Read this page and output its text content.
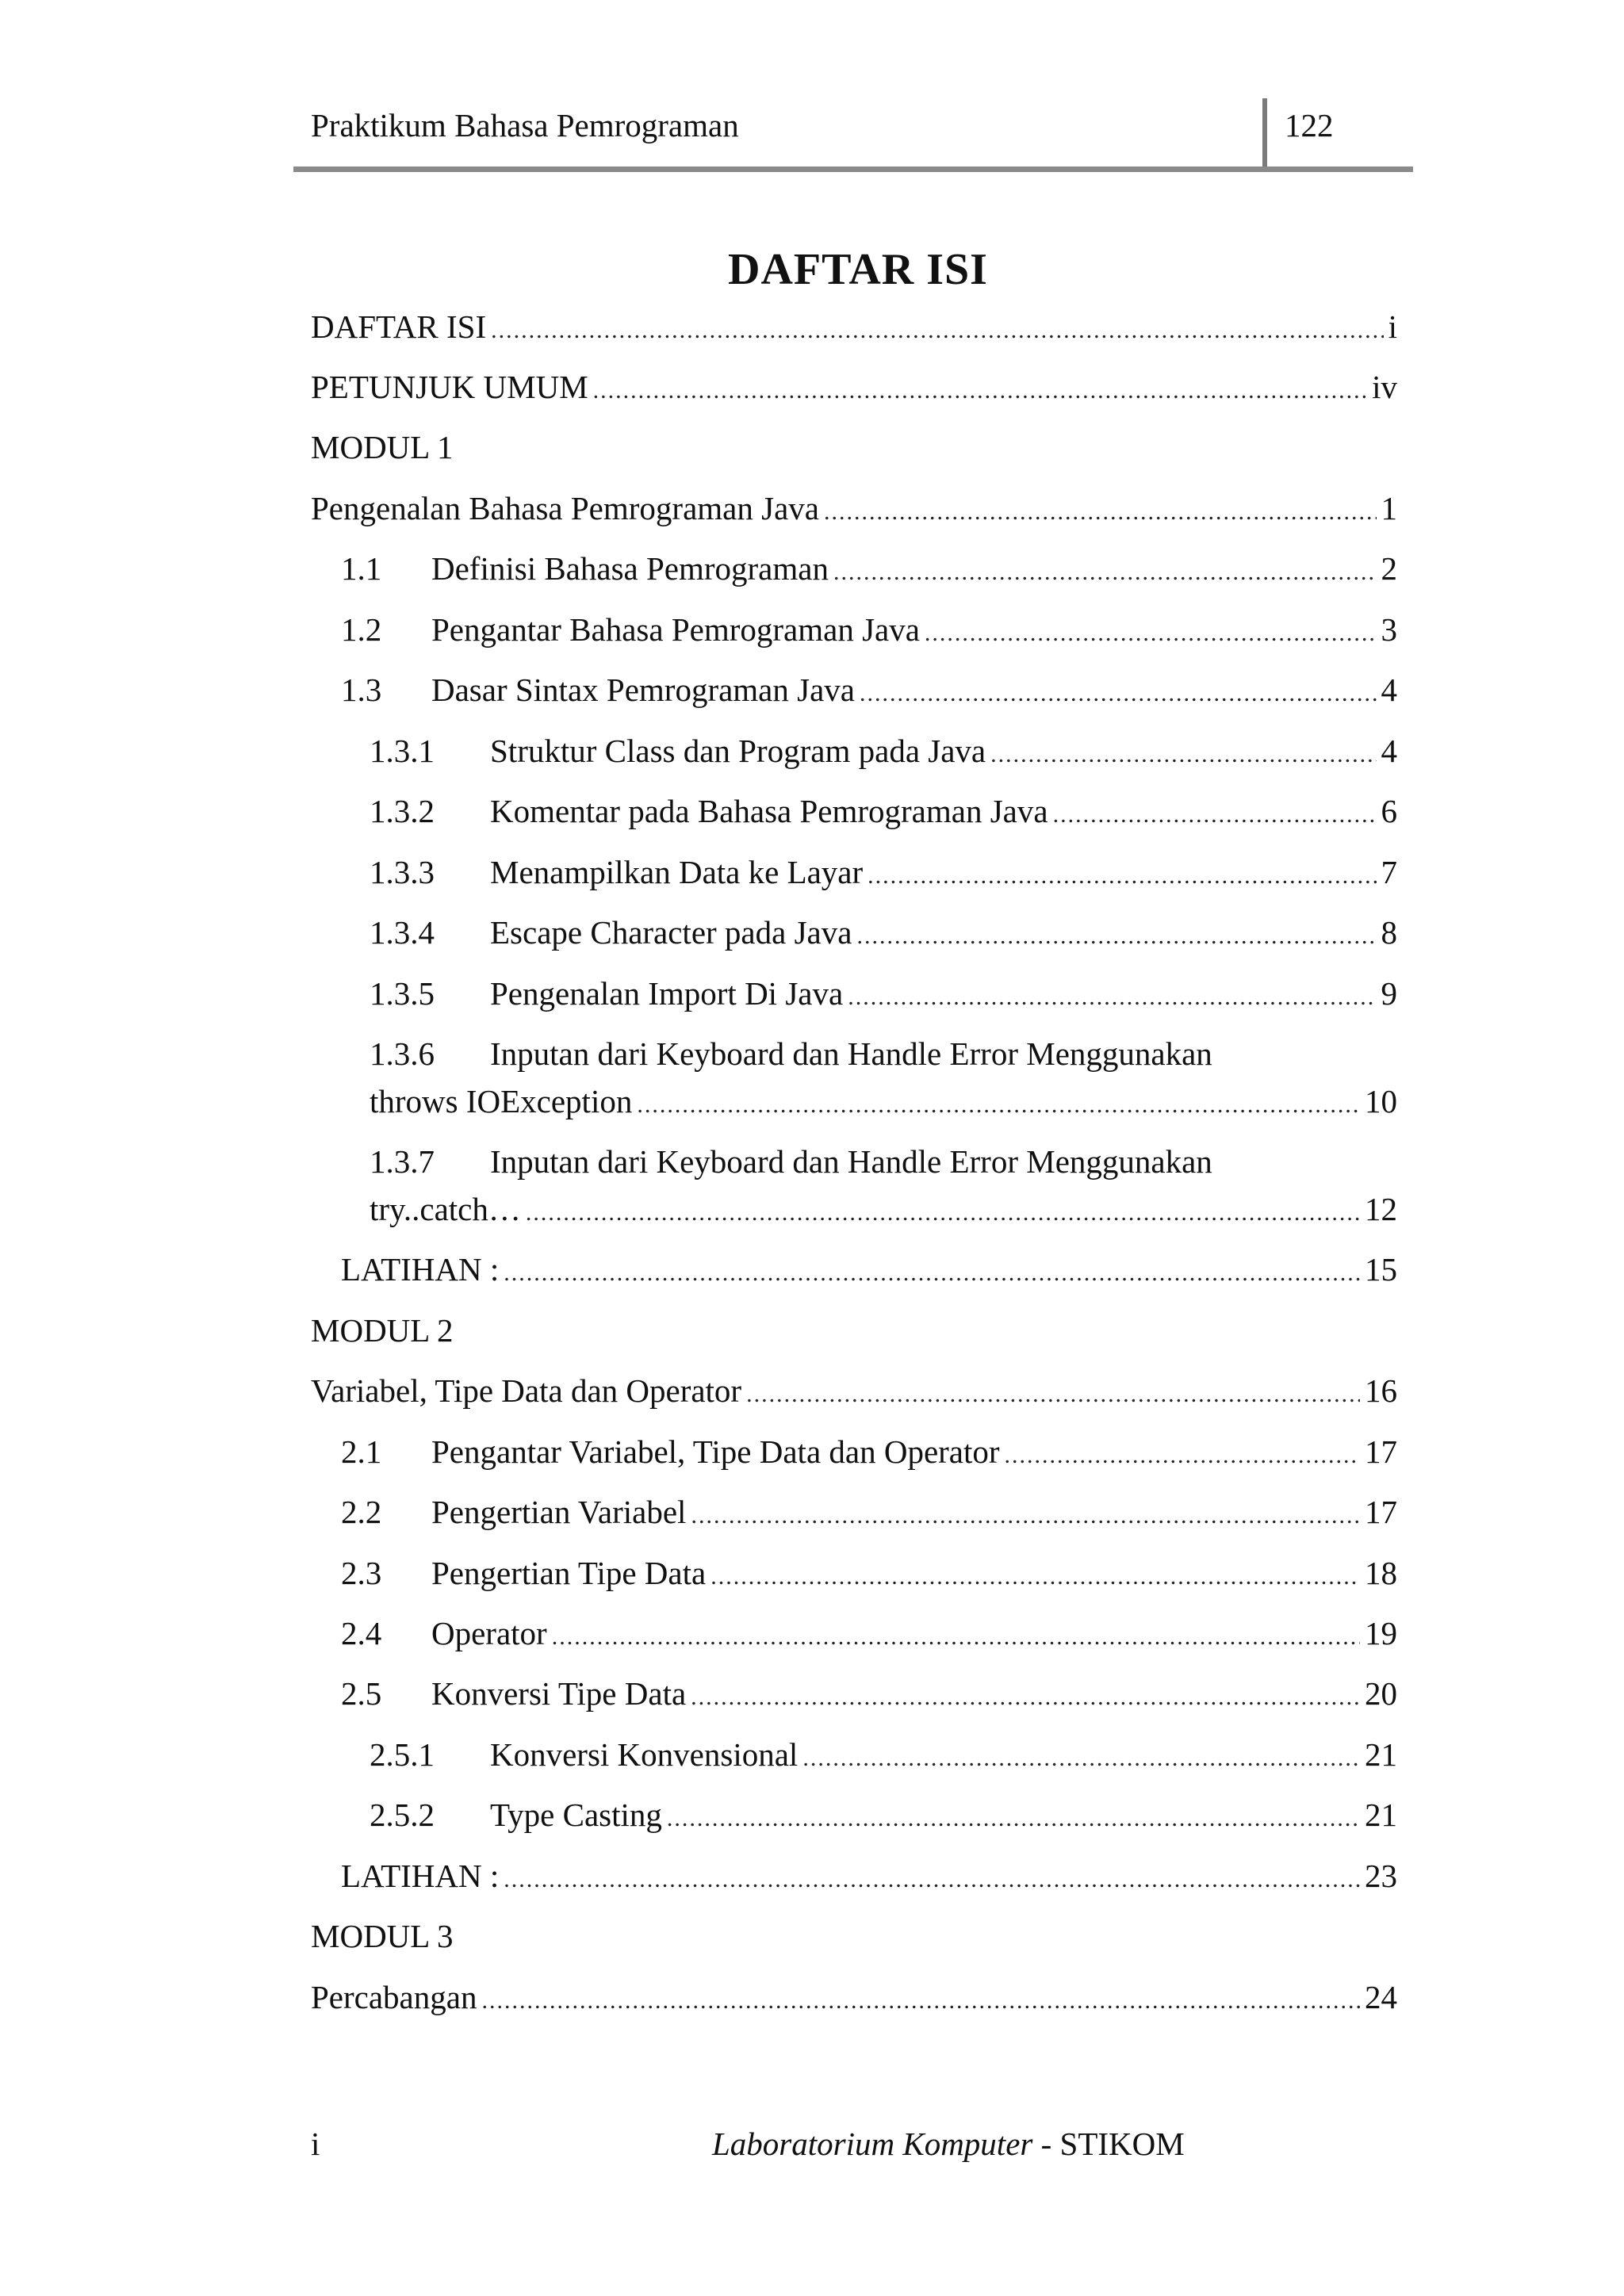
Praktikum Bahasa Pemrograman	122
DAFTAR ISI
DAFTAR ISI .....	i
PETUNJUK UMUM .....	iv
MODUL 1
Pengenalan Bahasa Pemrograman Java .....	1
1.1 Definisi Bahasa Pemrograman .....	2
1.2 Pengantar Bahasa Pemrograman Java .....	3
1.3 Dasar Sintax Pemrograman Java .....	4
1.3.1 Struktur Class dan Program pada Java .....	4
1.3.2 Komentar pada Bahasa Pemrograman Java .....	6
1.3.3 Menampilkan Data ke Layar .....	7
1.3.4 Escape Character pada Java .....	8
1.3.5 Pengenalan Import Di Java .....	9
1.3.6 Inputan dari Keyboard dan Handle Error Menggunakan
throws IOException .....	10
1.3.7 Inputan dari Keyboard dan Handle Error Menggunakan
try..catch… .....	12
LATIHAN : .....	15
MODUL 2
Variabel, Tipe Data dan Operator .....	16
2.1 Pengantar Variabel, Tipe Data dan Operator .....	17
2.2 Pengertian Variabel .....	17
2.3 Pengertian Tipe Data .....	18
2.4 Operator .....	19
2.5 Konversi Tipe Data .....	20
2.5.1 Konversi Konvensional .....	21
2.5.2 Type Casting .....	21
LATIHAN : .....	23
MODUL 3
Percabangan .....	24
i	Laboratorium Komputer - STIKOM
